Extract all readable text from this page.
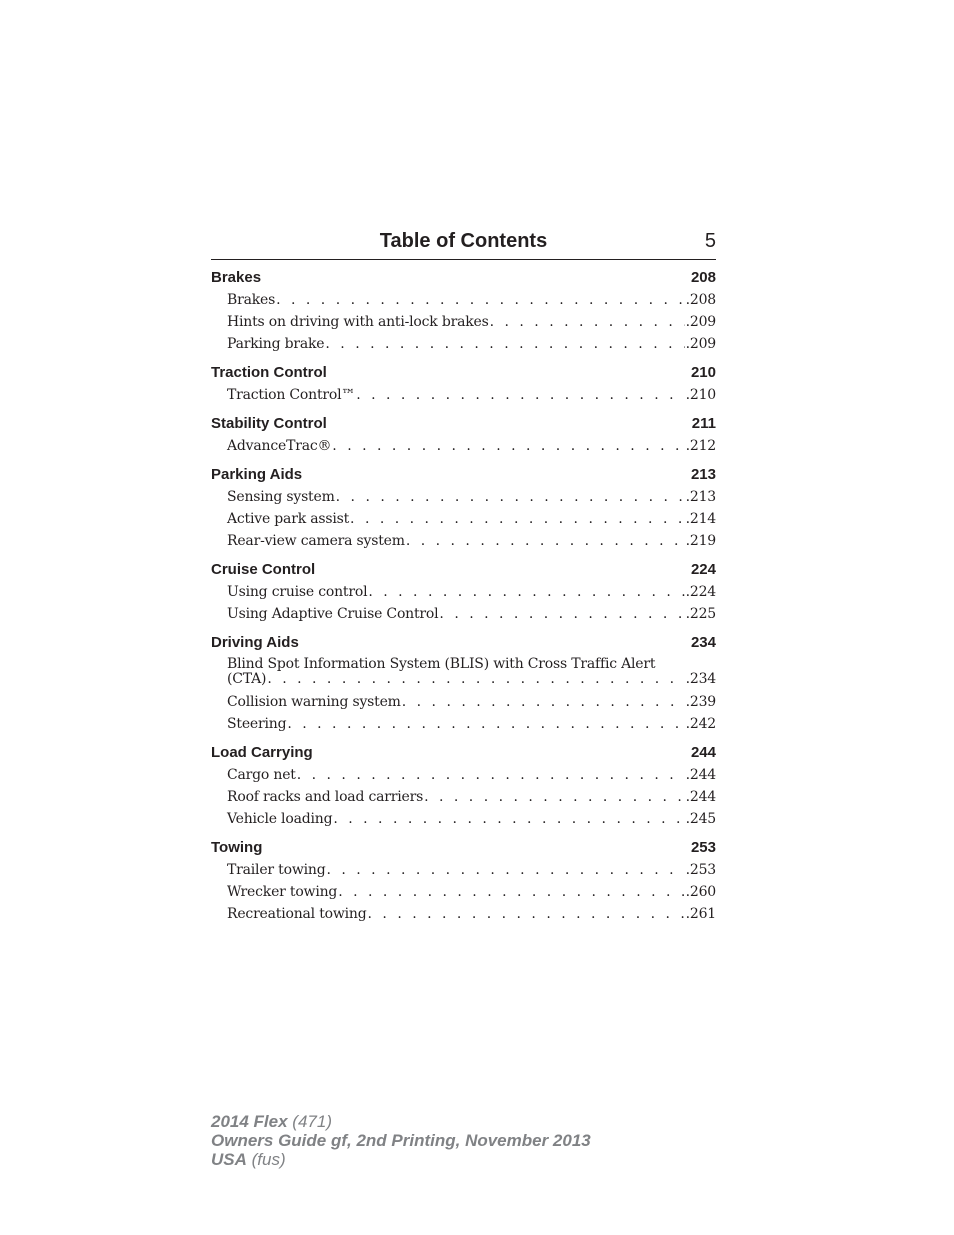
Table of Contents	5
Brakes	208
Brakes . . .	.208
Hints on driving with anti-lock brakes . . .	.209
Parking brake . . .	.209
Traction Control	210
Traction Control™ . . .	.210
Stability Control	211
AdvanceTrac® . . .	.212
Parking Aids	213
Sensing system . . .	.213
Active park assist . . .	.214
Rear-view camera system . . .	.219
Cruise Control	224
Using cruise control . . .	.224
Using Adaptive Cruise Control . . .	.225
Driving Aids	234
Blind Spot Information System (BLIS) with Cross Traffic Alert
(CTA) . . .	.234
Collision warning system . . .	.239
Steering . . .	.242
Load Carrying	244
Cargo net . . .	.244
Roof racks and load carriers . . .	.244
Vehicle loading . . .	.245
Towing	253
Trailer towing . . .	.253
Wrecker towing . . .	.260
Recreational towing . . .	.261
2014 Flex (471)
Owners Guide gf, 2nd Printing, November 2013
USA (fus)
